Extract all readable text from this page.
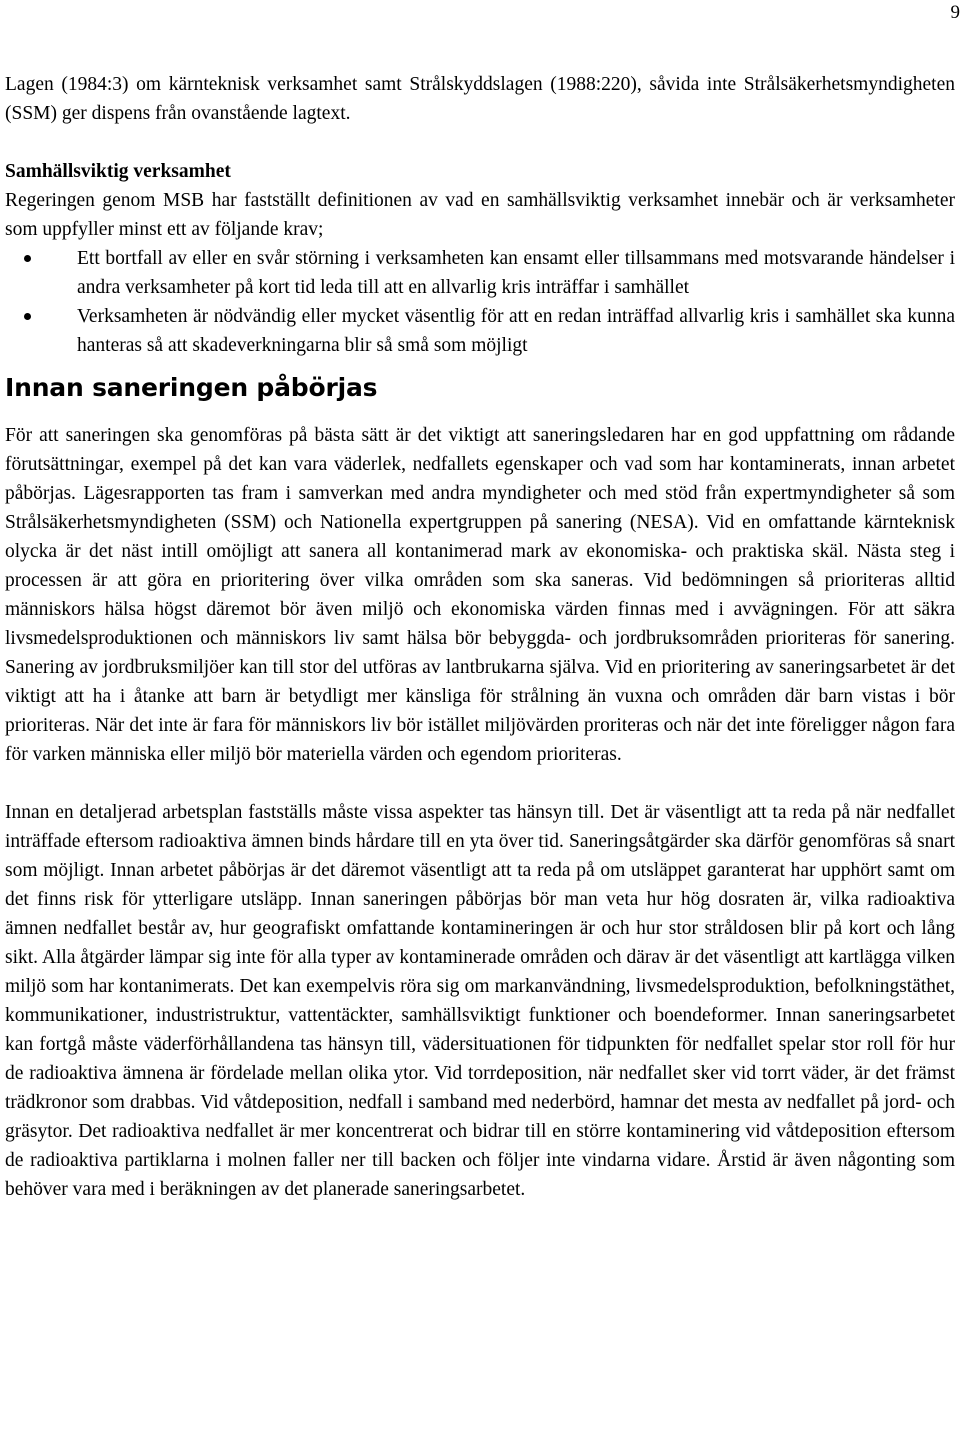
9

Lagen (1984:3) om kärnteknisk verksamhet samt Strålskyddslagen (1988:220), såvida inte Strålsäkerhetsmyndigheten (SSM) ger dispens från ovanstående lagtext.

Samhällsviktig verksamhet

Regeringen genom MSB har fastställt definitionen av vad en samhällsviktig verksamhet innebär och är verksamheter som uppfyller minst ett av följande krav;

Ett bortfall av eller en svår störning i verksamheten kan ensamt eller tillsammans med motsvarande händelser i andra verksamheter på kort tid leda till att en allvarlig kris inträffar i samhället
Verksamheten är nödvändig eller mycket väsentlig för att en redan inträffad allvarlig kris i samhället ska kunna hanteras så att skadeverkningarna blir så små som möjligt
Innan saneringen påbörjas

För att saneringen ska genomföras på bästa sätt är det viktigt att saneringsledaren har en god uppfattning om rådande förutsättningar, exempel på det kan vara väderlek, nedfallets egenskaper och vad som har kontaminerats, innan arbetet påbörjas. Lägesrapporten tas fram i samverkan med andra myndigheter och med stöd från expertmyndigheter så som Strålsäkerhetsmyndigheten (SSM) och Nationella expertgruppen på sanering (NESA). Vid en omfattande kärnteknisk olycka är det näst intill omöjligt att sanera all kontanimerad mark av ekonomiska- och praktiska skäl. Nästa steg i processen är att göra en prioritering över vilka områden som ska saneras. Vid bedömningen så prioriteras alltid människors hälsa högst däremot bör även miljö och ekonomiska värden finnas med i avvägningen. För att säkra livsmedelsproduktionen och människors liv samt hälsa bör bebyggda- och jordbruksområden prioriteras för sanering. Sanering av jordbruksmiljöer kan till stor del utföras av lantbrukarna själva. Vid en prioritering av saneringsarbetet är det viktigt att ha i åtanke att barn är betydligt mer känsliga för strålning än vuxna och områden där barn vistas i bör prioriteras. När det inte är fara för människors liv bör istället miljövärden proriteras och när det inte föreligger någon fara för varken människa eller miljö bör materiella värden och egendom prioriteras.

Innan en detaljerad arbetsplan fastställs måste vissa aspekter tas hänsyn till. Det är väsentligt att ta reda på när nedfallet inträffade eftersom radioaktiva ämnen binds hårdare till en yta över tid. Saneringsåtgärder ska därför genomföras så snart som möjligt. Innan arbetet påbörjas är det däremot väsentligt att ta reda på om utsläppet garanterat har upphört samt om det finns risk för ytterligare utsläpp. Innan saneringen påbörjas bör man veta hur hög dosraten är, vilka radioaktiva ämnen nedfallet består av, hur geografiskt omfattande kontamineringen är och hur stor stråldosen blir på kort och lång sikt. Alla åtgärder lämpar sig inte för alla typer av kontaminerade områden och därav är det väsentligt att kartlägga vilken miljö som har kontanimerats. Det kan exempelvis röra sig om markanvändning, livsmedelsproduktion, befolkningstäthet, kommunikationer, industristruktur, vattentäckter, samhällsviktigt funktioner och boendeformer. Innan saneringsarbetet kan fortgå måste väderförhållandena tas hänsyn till, vädersituationen för tidpunkten för nedfallet spelar stor roll för hur de radioaktiva ämnena är fördelade mellan olika ytor. Vid torrdeposition, när nedfallet sker vid torrt väder, är det främst trädkronor som drabbas. Vid våtdeposition, nedfall i samband med nederbörd, hamnar det mesta av nedfallet på jord- och gräsytor. Det radioaktiva nedfallet är mer koncentrerat och bidrar till en större kontaminering vid våtdeposition eftersom de radioaktiva partiklarna i molnen faller ner till backen och följer inte vindarna vidare. Årstid är även någonting som behöver vara med i beräkningen av det planerade saneringsarbetet.
